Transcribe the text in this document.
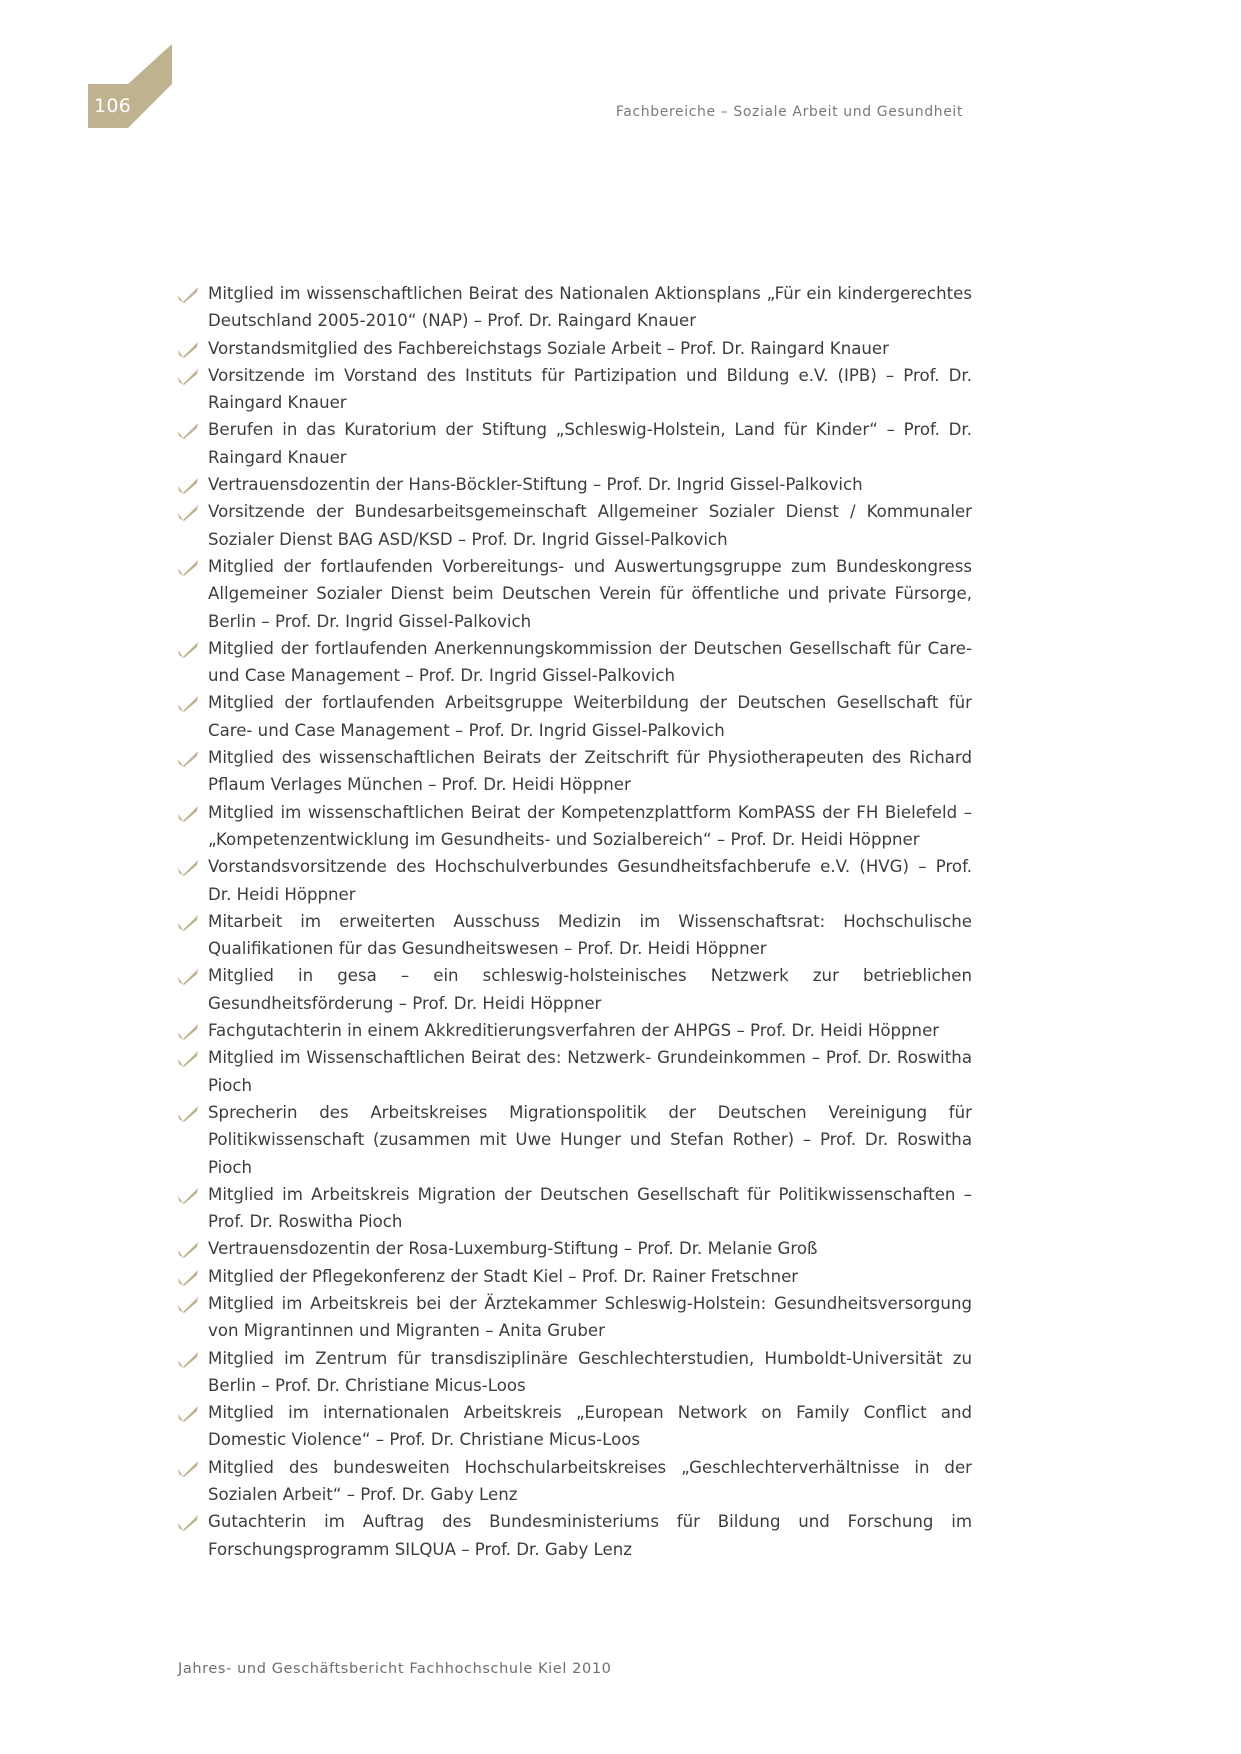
106	Fachbereiche – Soziale Arbeit und Gesundheit
Mitglied im wissenschaftlichen Beirat des Nationalen Aktionsplans „Für ein kindergerechtes Deutschland 2005-2010“ (NAP) – Prof. Dr. Raingard Knauer
Vorstandsmitglied des Fachbereichstags Soziale Arbeit – Prof. Dr. Raingard Knauer
Vorsitzende im Vorstand des Instituts für Partizipation und Bildung e.V. (IPB) – Prof. Dr. Raingard Knauer
Berufen in das Kuratorium der Stiftung „Schleswig-Holstein, Land für Kinder“ – Prof. Dr. Raingard Knauer
Vertrauensdozentin der Hans-Böckler-Stiftung – Prof. Dr. Ingrid Gissel-Palkovich
Vorsitzende der Bundesarbeitsgemeinschaft Allgemeiner Sozialer Dienst / Kommunaler Sozialer Dienst BAG ASD/KSD – Prof. Dr. Ingrid Gissel-Palkovich
Mitglied der fortlaufenden Vorbereitungs- und Auswertungsgruppe zum Bundeskongress Allgemeiner Sozialer Dienst beim Deutschen Verein für öffentliche und private Fürsorge, Berlin – Prof. Dr. Ingrid Gissel-Palkovich
Mitglied der fortlaufenden Anerkennungskommission der Deutschen Gesellschaft für Care- und Case Management – Prof. Dr. Ingrid Gissel-Palkovich
Mitglied der fortlaufenden Arbeitsgruppe Weiterbildung der Deutschen Gesellschaft für Care- und Case Management – Prof. Dr. Ingrid Gissel-Palkovich
Mitglied des wissenschaftlichen Beirats der Zeitschrift für Physiotherapeuten des Richard Pflaum Verlages München – Prof. Dr. Heidi Höppner
Mitglied im wissenschaftlichen Beirat der Kompetenzplattform KomPASS der FH Bielefeld – „Kompetenzentwicklung im Gesundheits- und Sozialbereich“ – Prof. Dr. Heidi Höppner
Vorstandsvorsitzende des Hochschulverbundes Gesundheitsfachberufe e.V. (HVG) – Prof. Dr. Heidi Höppner
Mitarbeit im erweiterten Ausschuss Medizin im Wissenschaftsrat: Hochschulische Qualifikationen für das Gesundheitswesen – Prof. Dr. Heidi Höppner
Mitglied in gesa – ein schleswig-holsteinisches Netzwerk zur betrieblichen Gesundheitsförderung – Prof. Dr. Heidi Höppner
Fachgutachterin in einem Akkreditierungsverfahren der AHPGS – Prof. Dr. Heidi Höppner
Mitglied im Wissenschaftlichen Beirat des: Netzwerk- Grundeinkommen – Prof. Dr. Roswitha Pioch
Sprecherin des Arbeitskreises Migrationspolitik der Deutschen Vereinigung für Politikwissenschaft (zusammen mit Uwe Hunger und Stefan Rother) – Prof. Dr. Roswitha Pioch
Mitglied im Arbeitskreis Migration der Deutschen Gesellschaft für Politikwissenschaften – Prof. Dr. Roswitha Pioch
Vertrauensdozentin der Rosa-Luxemburg-Stiftung – Prof. Dr. Melanie Groß
Mitglied der Pflegekonferenz der Stadt Kiel – Prof. Dr. Rainer Fretschner
Mitglied im Arbeitskreis bei der Ärztekammer Schleswig-Holstein: Gesundheitsversorgung von Migrantinnen und Migranten – Anita Gruber
Mitglied im Zentrum für transdisziplinäre Geschlechterstudien, Humboldt-Universität zu Berlin – Prof. Dr. Christiane Micus-Loos
Mitglied im internationalen Arbeitskreis „European Network on Family Conflict and Domestic Violence“ – Prof. Dr. Christiane Micus-Loos
Mitglied des bundesweiten Hochschularbeitskreises „Geschlechterverhältnisse in der Sozialen Arbeit“ – Prof. Dr. Gaby Lenz
Gutachterin im Auftrag des Bundesministeriums für Bildung und Forschung im Forschungsprogramm SILQUA – Prof. Dr. Gaby Lenz
Jahres- und Geschäftsbericht Fachhochschule Kiel 2010
